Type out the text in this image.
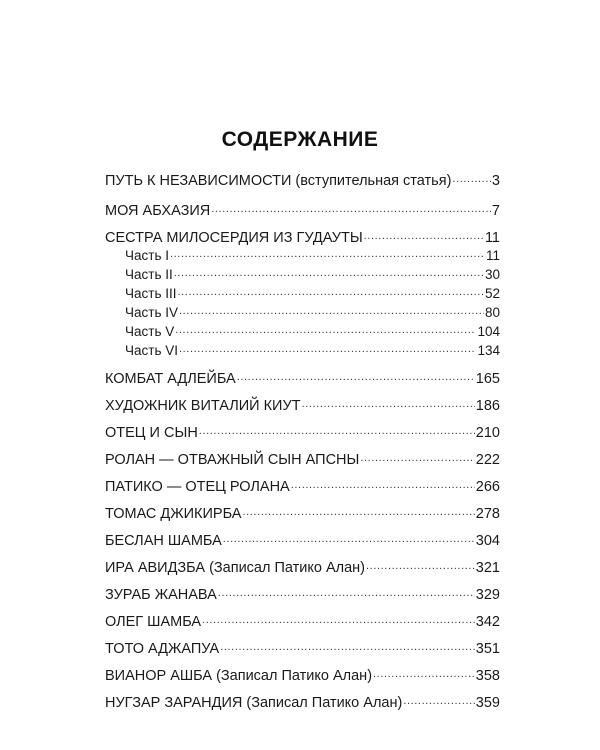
СОДЕРЖАНИЕ
ПУТЬ К НЕЗАВИСИМОСТИ (вступительная статья) .....	3
МОЯ АБХАЗИЯ .....	7
СЕСТРА МИЛОСЕРДИЯ ИЗ ГУДАУТЫ .....	11
Часть I .....	11
Часть II .....	30
Часть III .....	52
Часть IV .....	80
Часть V .....	104
Часть VI .....	134
КОМБАТ АДЛЕЙБА .....	165
ХУДОЖНИК ВИТАЛИЙ КИУТ .....	186
ОТЕЦ И СЫН .....	210
РОЛАН — ОТВАЖНЫЙ СЫН АПСНЫ .....	222
ПАТИКО — ОТЕЦ РОЛАНА .....	266
ТОМАС ДЖИКИРБА .....	278
БЕСЛАН ШАМБА .....	304
ИРА АВИДЗБА (Записал Патико Алан) .....	321
ЗУРАБ ЖАНАВА .....	329
ОЛЕГ ШАМБА .....	342
ТОТО АДЖАПУА .....	351
ВИАНОР АШБА (Записал Патико Алан) .....	358
НУГЗАР ЗАРАНДИЯ (Записал Патико Алан) .....	359
